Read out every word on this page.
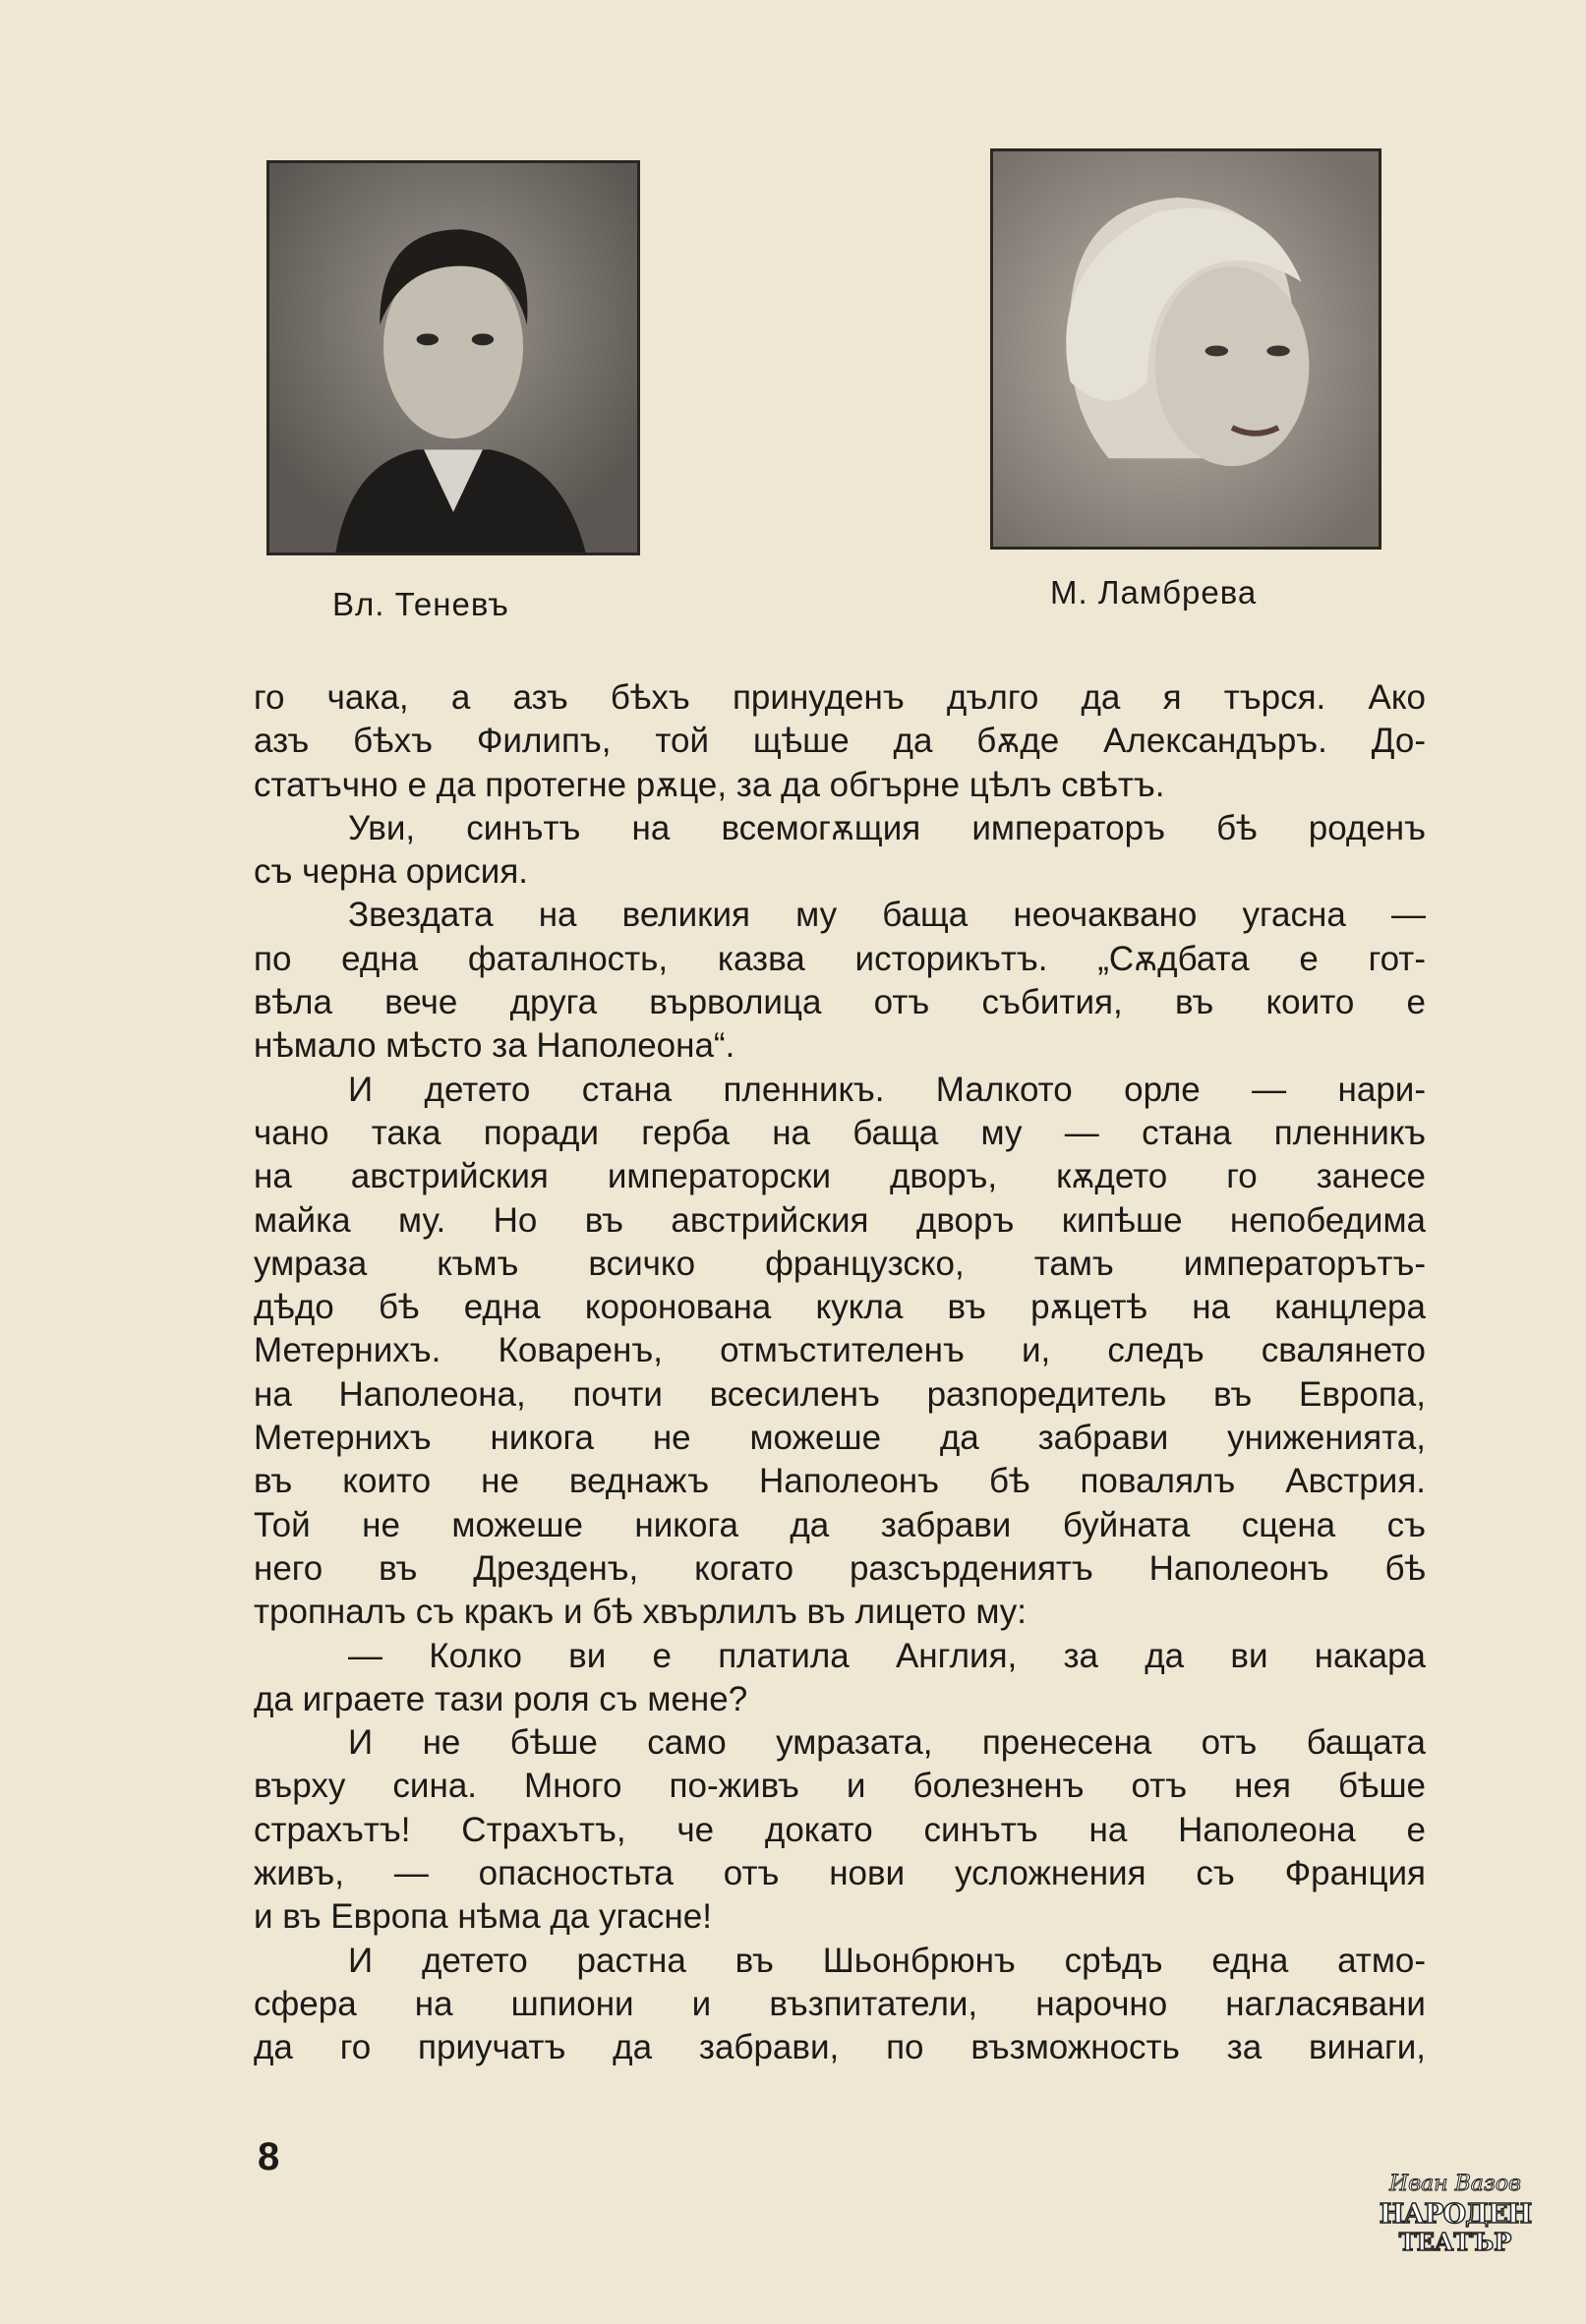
Вл. Теневъ	М. Ламбрева
го чака, а азъ бѣхъ принуденъ дълго да я търся. Ако
азъ бѣхъ Филипъ, той щѣше да бѫде Александъръ. До-
статъчно е да протегне рѫце, за да обгърне цѣлъ свѣтъ.
Уви, синътъ на всемогѫщия императоръ бѣ роденъ
съ черна орисия.
Звездата на великия му баща неочаквано угасна —
по една фаталность, казва историкътъ. „Сѫдбата е гот-
вѣла вече друга върволица отъ събития, въ които е
нѣмало мѣсто за Наполеона“.
И детето стана пленникъ. Малкото орле — нари-
чано така поради герба на баща му — стана пленникъ
на австрийския императорски дворъ, кѫдето го занесе
майка му. Но въ австрийския дворъ кипѣше непобедима
умраза къмъ всичко французско, тамъ императорътъ-
дѣдо бѣ една коронована кукла въ рѫцетѣ на канцлера
Метернихъ. Коваренъ, отмъстителенъ и, следъ свалянето
на Наполеона, почти всесиленъ разпоредитель въ Европа,
Метернихъ никога не можеше да забрави униженията,
въ които не веднажъ Наполеонъ бѣ повалялъ Австрия.
Той не можеше никога да забрави буйната сцена съ
него въ Дрезденъ, когато разсърдениятъ Наполеонъ бѣ
тропналъ съ кракъ и бѣ хвърлилъ въ лицето му:
— Колко ви е платила Англия, за да ви накара
да играете тази роля съ мене?
И не бѣше само умразата, пренесена отъ бащата
върху сина. Много по-живъ и болезненъ отъ нея бѣше
страхътъ! Страхътъ, че докато синътъ на Наполеона е
живъ, — опасностьта отъ нови усложнения съ Франция
и въ Европа нѣма да угасне!
И детето растна въ Шьонбрюнъ срѣдъ една атмо-
сфера на шпиони и възпитатели, нарочно нагласявани
да го приучатъ да забрави, по възможность за винаги,
8
Иван Вазов
НАРОДЕН
ТЕАТЪР
